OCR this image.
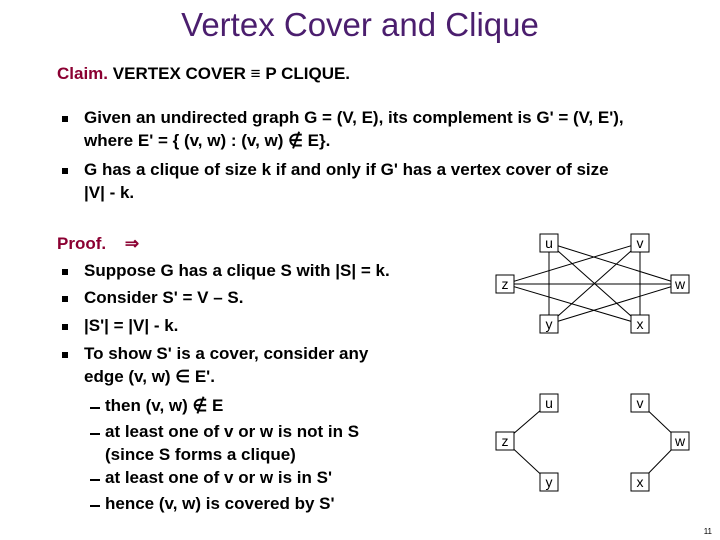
Vertex Cover and Clique
Claim. VERTEX COVER ≡ P CLIQUE.
Given an undirected graph G = (V, E), its complement is G' = (V, E'),
where E' = { (v, w) : (v, w) ∉ E}.
G has a clique of size k if and only if G' has a vertex cover of size
|V| - k.
Proof. ⇒
Suppose G has a clique S with |S| = k.
Consider S' = V – S.
|S'| = |V| - k.
To show S' is a cover, consider any
edge (v, w) ∈ E'.
then (v, w) ∉ E
at least one of v or w is not in S
(since S forms a clique)
at least one of v or w is in S'
hence (v, w) is covered by S'
u	v
z	w
y	x
u	v
z	w
y	x
11
